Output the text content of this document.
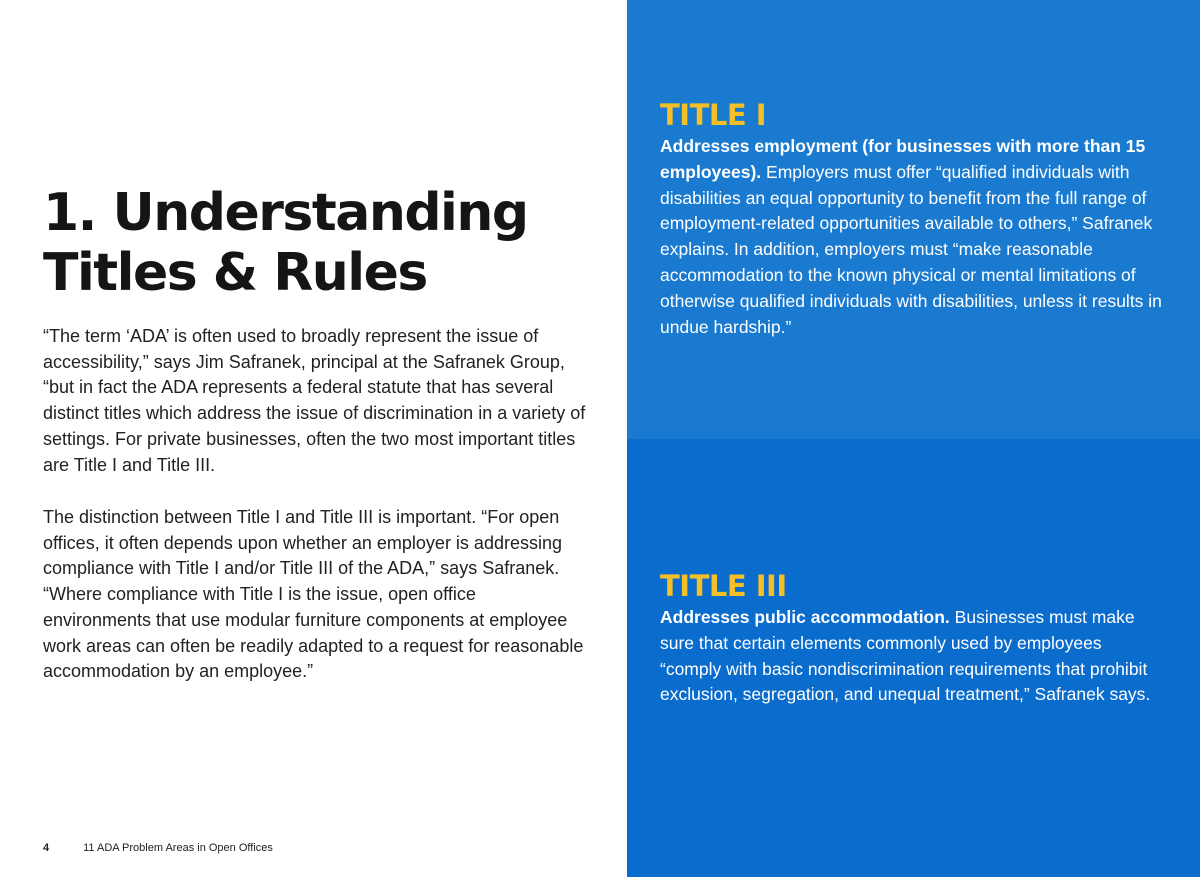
1. Understanding
Titles & Rules

“The term ‘ADA’ is often used to broadly represent the issue of accessibility,” says Jim Safranek, principal at the Safranek Group, “but in fact the ADA represents a federal statute that has several distinct titles which address the issue of discrimination in a variety of settings. For private businesses, often the two most important titles are Title I and Title III.

The distinction between Title I and Title III is important. “For open offices, it often depends upon whether an employer is addressing compliance with Title I and/or Title III of the ADA,” says Safranek. “Where compliance with Title I is the issue, open office environments that use modular furniture components at employee work areas can often be readily adapted to a request for reasonable accommodation by an employee.”

4	11 ADA Problem Areas in Open Offices
TITLE I

Addresses employment (for businesses with more than 15 employees). Employers must offer “qualified individuals with disabilities an equal opportunity to benefit from the full range of employment-related opportunities available to others,” Safranek explains. In addition, employers must “make reasonable accommodation to the known physical or mental limitations of otherwise qualified individuals with disabilities, unless it results in undue hardship.”

TITLE III

Addresses public accommodation. Businesses must make sure that certain elements commonly used by employees “comply with basic nondiscrimination requirements that prohibit exclusion, segregation, and unequal treatment,” Safranek says.
